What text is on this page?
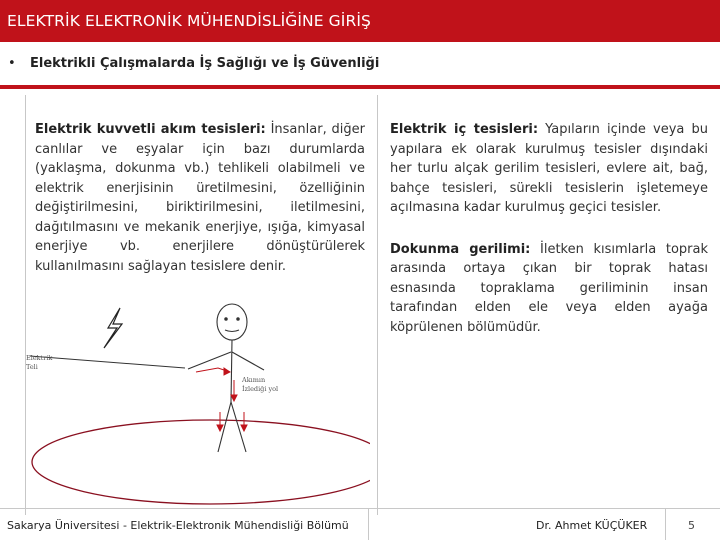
ELEKTRİK ELEKTRONİK MÜHENDİSLİĞİNE GİRİŞ
• Elektrikli Çalışmalarda İş Sağlığı ve İş Güvenliği
Elektrik kuvvetli akım tesisleri: İnsanlar, diğer canlılar ve eşyalar için bazı durumlarda (yaklaşma, dokunma vb.) tehlikeli olabilmeli ve elektrik enerjisinin üretilmesini, özelliğinin değiştirilmesini, biriktirilmesini, iletilmesini, dağıtılmasını ve mekanik enerjiye, ışığa, kimyasal enerjiye vb. enerjilere dönüştürülerek kullanılmasını sağlayan tesislere denir.
Elektrik
Teli
Akımın
İzlediği yol
Elektrik iç tesisleri: Yapıların içinde veya bu yapılara ek olarak kurulmuş tesisler dışındaki her turlu alçak gerilim tesisleri, evlere ait, bağ, bahçe tesisleri, sürekli tesislerin işletemeye açılmasına kadar kurulmuş geçici tesisler.
Dokunma gerilimi: İletken kısımlarla toprak arasında ortaya çıkan bir toprak hatası esnasında topraklama geriliminin insan tarafından elden ele veya elden ayağa köprülenen bölümüdür.
Sakarya Üniversitesi - Elektrik-Elektronik Mühendisliği Bölümü	Dr. Ahmet KÜÇÜKER	5
